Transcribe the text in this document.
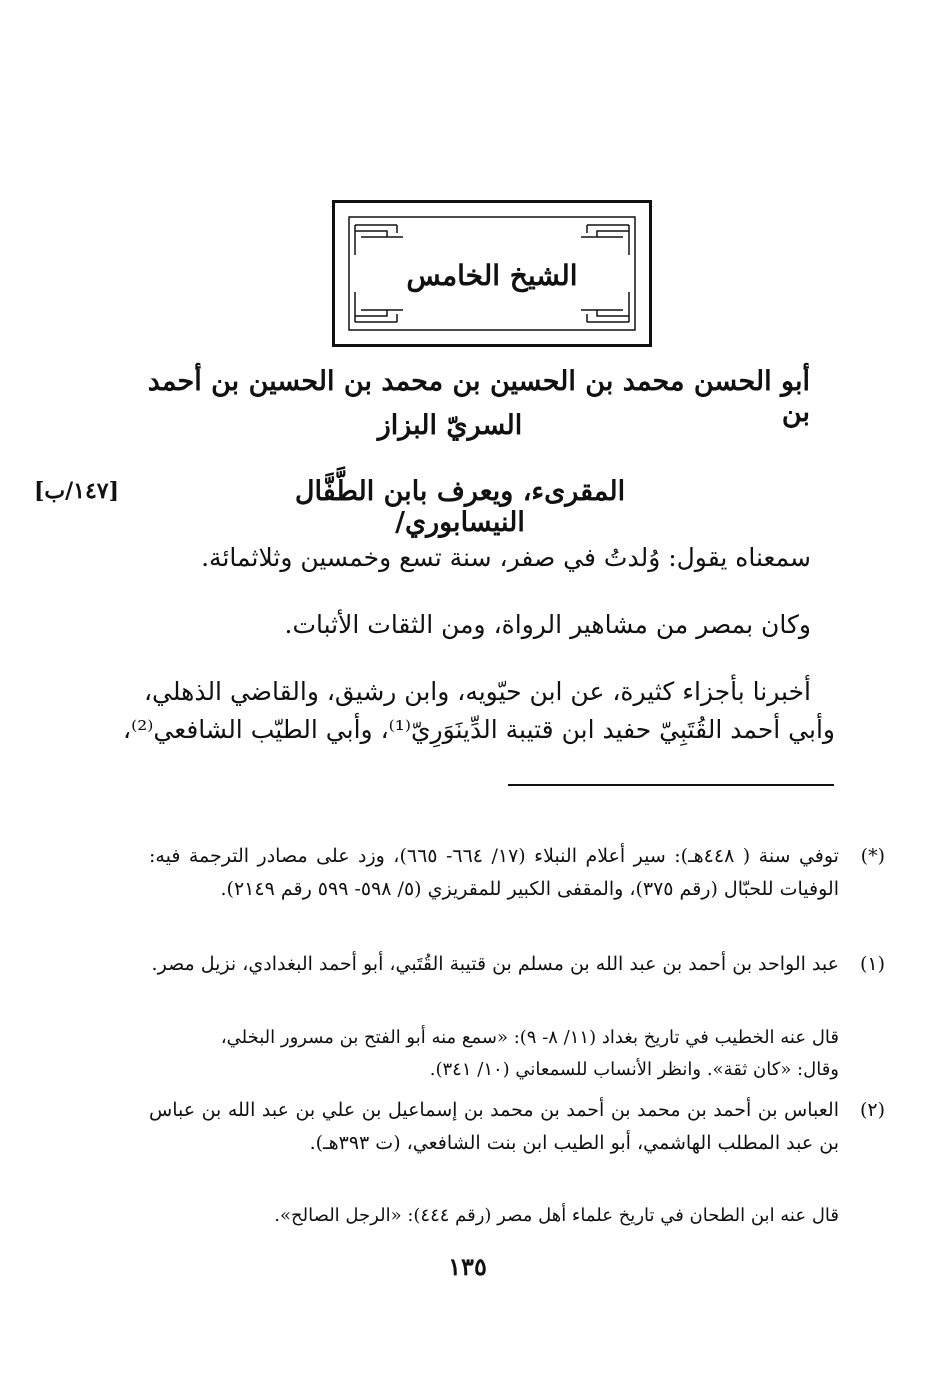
الشيخ الخامس
أبو الحسن محمد بن الحسين بن محمد بن الحسين بن أحمد بن
السريّ البزاز
المقرىء، ويعرف بابن الطَّفَّال النيسابوري/
[١٤٧/ب]
سمعناه يقول: وُلدتُ في صفر، سنة تسع وخمسين وثلاثمائة.
وكان بمصر من مشاهير الرواة، ومن الثقات الأثبات.
أخبرنا بأجزاء كثيرة، عن ابن حيّويه، وابن رشيق، والقاضي الذهلي،
وأبي أحمد القُتَبِيّ حفيد ابن قتيبة الدِّينَوَرِيّ⁽¹⁾، وأبي الطيّب الشافعي⁽²⁾،
(*)
توفي سنة ( ٤٤٨هـ): سير أعلام النبلاء (١٧/ ٦٦٤- ٦٦٥)، وزد على مصادر الترجمة فيه: الوفيات للحبّال (رقم ٣٧٥)، والمقفى الكبير للمقريزي (٥/ ٥٩٨- ٥٩٩ رقم ٢١٤٩).
(١)
عبد الواحد بن أحمد بن عبد الله بن مسلم بن قتيبة القُتَبي، أبو أحمد البغدادي، نزيل مصر.
قال عنه الخطيب في تاريخ بغداد (١١/ ٨- ٩): «سمع منه أبو الفتح بن مسرور البخلي، وقال: «كان ثقة». وانظر الأنساب للسمعاني (١٠/ ٣٤١).
(٢)
العباس بن أحمد بن محمد بن أحمد بن محمد بن إسماعيل بن علي بن عبد الله بن عباس بن عبد المطلب الهاشمي، أبو الطيب ابن بنت الشافعي، (ت ٣٩٣هـ).
قال عنه ابن الطحان في تاريخ علماء أهل مصر (رقم ٤٤٤): «الرجل الصالح».
١٣٥
